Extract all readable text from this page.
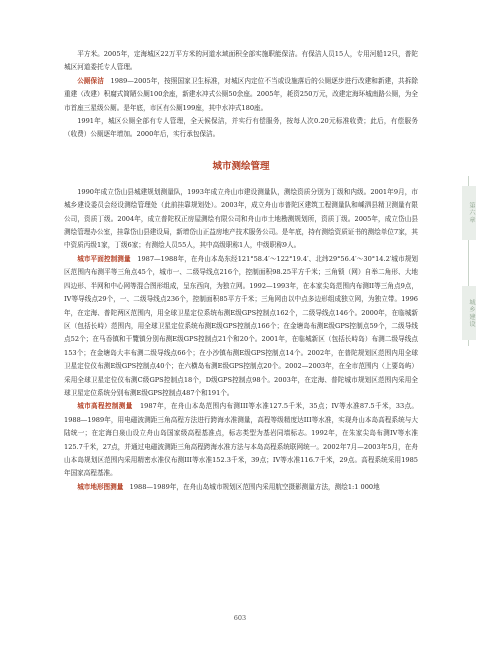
平方米。2005年，定海城区22万平方米的河道水域面积全部实施职能保洁。有保洁人员15人，专用河船12只，普陀城区河道委托专人管理。

公厕保洁 1989—2005年，按照国家卫生标准，对城区内定位不当或设施落后的公厕逐步进行改建和新建，共拆除重建（改建）积腐式简陋公厕100余座，新建水冲式公厕50余座。2005年，耗资250万元，改建定海环城南路公厕，为全市首座三星级公厕。是年底，市区有公厕199座，其中水冲式180座。

1991年，城区公厕全部有专人管理，全天候保洁，并实行有偿服务，按每人次0.20元标准收费；此后，有偿服务（收费）公厕逐年增加。2000年后，实行承包保洁。

城市测绘管理

1990年成立岱山县城建规划测量队，1993年成立舟山市建设测量队，测绘资质分别为丁级和内级。2001年9月，市城乡建设委员会经设测绘管理处（此前挂靠规划处）。2003年，成立舟山市普陀区建筑工程测量队和嵊泗县精卫测量有限公司，资质丁级。2004年，成立普陀权正房屋测绘有限公司和舟山市土地勘测规划所，资质丁级。2005年，成立岱山县测绘管理办公室，挂靠岱山县建设局，新增岱山正益房地产技术服务公司。是年底，持有测绘资质证书的测绘单位7家，其中资质丙级1家，丁级6家；有测绘人员55人，其中高级职称1人，中级职称9人。

城市平面控制测量 1987—1988年，在舟山本岛东经121°58.4′～122°19.4′、北纬29°56.4′～30°14.2′城市规划区范围内布测平等三角点45个，城市一、二级导线点216个，控制面积98.25平方千米；三角锁（网）自举二角形、大地四边形、半网和中心网等混合图形组成，呈东西向，为独立网。1992—1993年，在本家尖岛范围内布测II等三角点9点，IV等导线点29个，一、二级导线点236个，控制面积85平方千米；三角网由以中点多边形组成独立网，为独立带。1996年，在定海、普陀两区范围内，用全球卫星定位系统布测E级GPS控制点162个，二级导线点146个。2000年，在临城新区（包括长峙）范围内，用全球卫星定位系统布测E级GPS控制点166个；在金塘岛布测E级GPS控制点59个，二级导线点52个；在马岙镇和干覽镇分别布测E级GPS控制点21个和20个。2001年，在临城新区（包括长峙岛）布测二级导线点153个；在金塘岛大丰布测二级导线点66个；在小沙镇布测E级GPS控制点14个。2002年，在普陀规划区范围内用全球卫星定位仪布测E级GPS控制点40个；在六横岛布测E级GPS控制点20个。2002—2003年，在全市范围内（上要岛屿）采用全球卫星定位仪布测C级GPS控制点18个，D级GPS控制点98个。2003年，在定海、普陀城市规划区范围内采用全球卫星定位系统分别布测E级GPS控制点487个和191个。

城市高程控制测量 1987年，在舟山本岛范围内布测III等水准127.5千米，35点；IV等水准87.5千米，33点。1988—1989年，用电磁波测距三角高程方法进行跨海水准测量，高程等级精度达III等水准，实现舟山本岛高程系统与大陆统一；在定海白泉山设立舟山岛国家级高程基准点，标志类型为基岩同墙标志。1992年，在朱家尖岛布测IV等水准125.7千米，27点，并通过电磁波测距三角高程跨海水准方法与本岛高程系统联网统一。2002年7月—2003年5月，在舟山本岛规划区范围内采用精密水准仪布测III等水准152.3千米，39点；IV等水准116.7千米，29点。高程系统采用1985年国家高程基准。

城市地形图测量 1988—1989年，在舟山岛城市规划区范围内采用航空摄影测量方法，测绘1:1 000地

第六章
城乡建设
603
